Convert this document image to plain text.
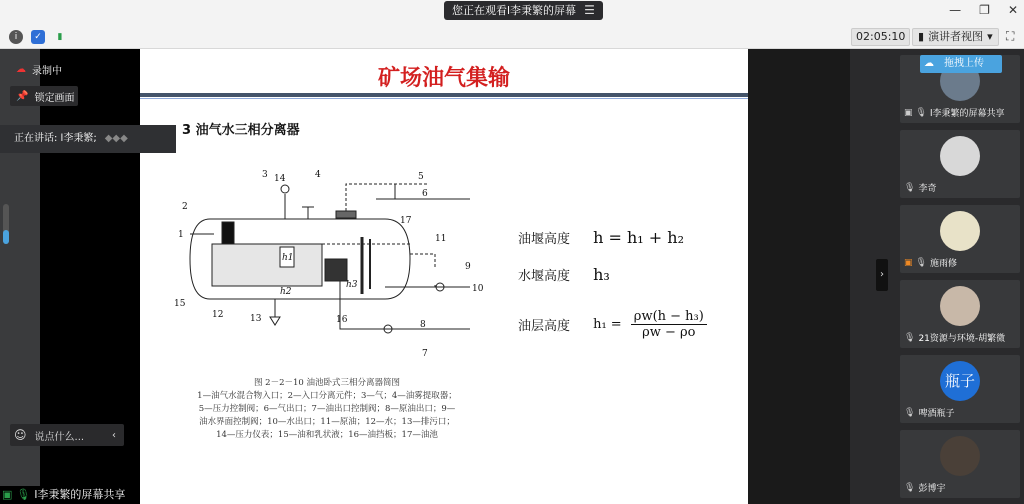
您正在观看l李秉繁的屏幕 ☰	— ❐ ✕
i	✓	▮	02:05:10	▮ 演讲者视图 ▾ ⛶
☁ 录制中
📌 锁定画面
正在讲话: l李秉繁; ◆◆◆
☺ 说点什么...	‹
▣ 🎙 l李秉繁的屏幕共享
矿场油气集输
3 油气水三相分离器
1
2
3	4	5
6
7
8
9
10
11
12	13
14
15
16
17
h1
h2
h3
图 2－2－10 油池卧式三相分离器简图
1—油气水混合物入口；2—入口分离元件；3—气；4—油雾提取器；
5—压力控制阀；6—气出口；7—油出口控制阀；8—原油出口；9—
油水界面控制阀；10—水出口；11—原油；12—水；13—排污口；
14—压力仪表；15—油和乳状液；16—油挡板；17—油池
油堰高度 h = h₁ + h₂
水堰高度 h₃
油层高度 $h_1 = \frac{\text{ρw(h − h₃)}}{\rho w - \rho o}$
›
☁ 拖拽上传
▣ 🎙 l李秉繁的屏幕共享
🎙 李奇
▣ 🎙 施雨修
🎙 21资源与环境-胡繁微
瓶子
🎙 啤酒瓶子
🎙 彭博宇
